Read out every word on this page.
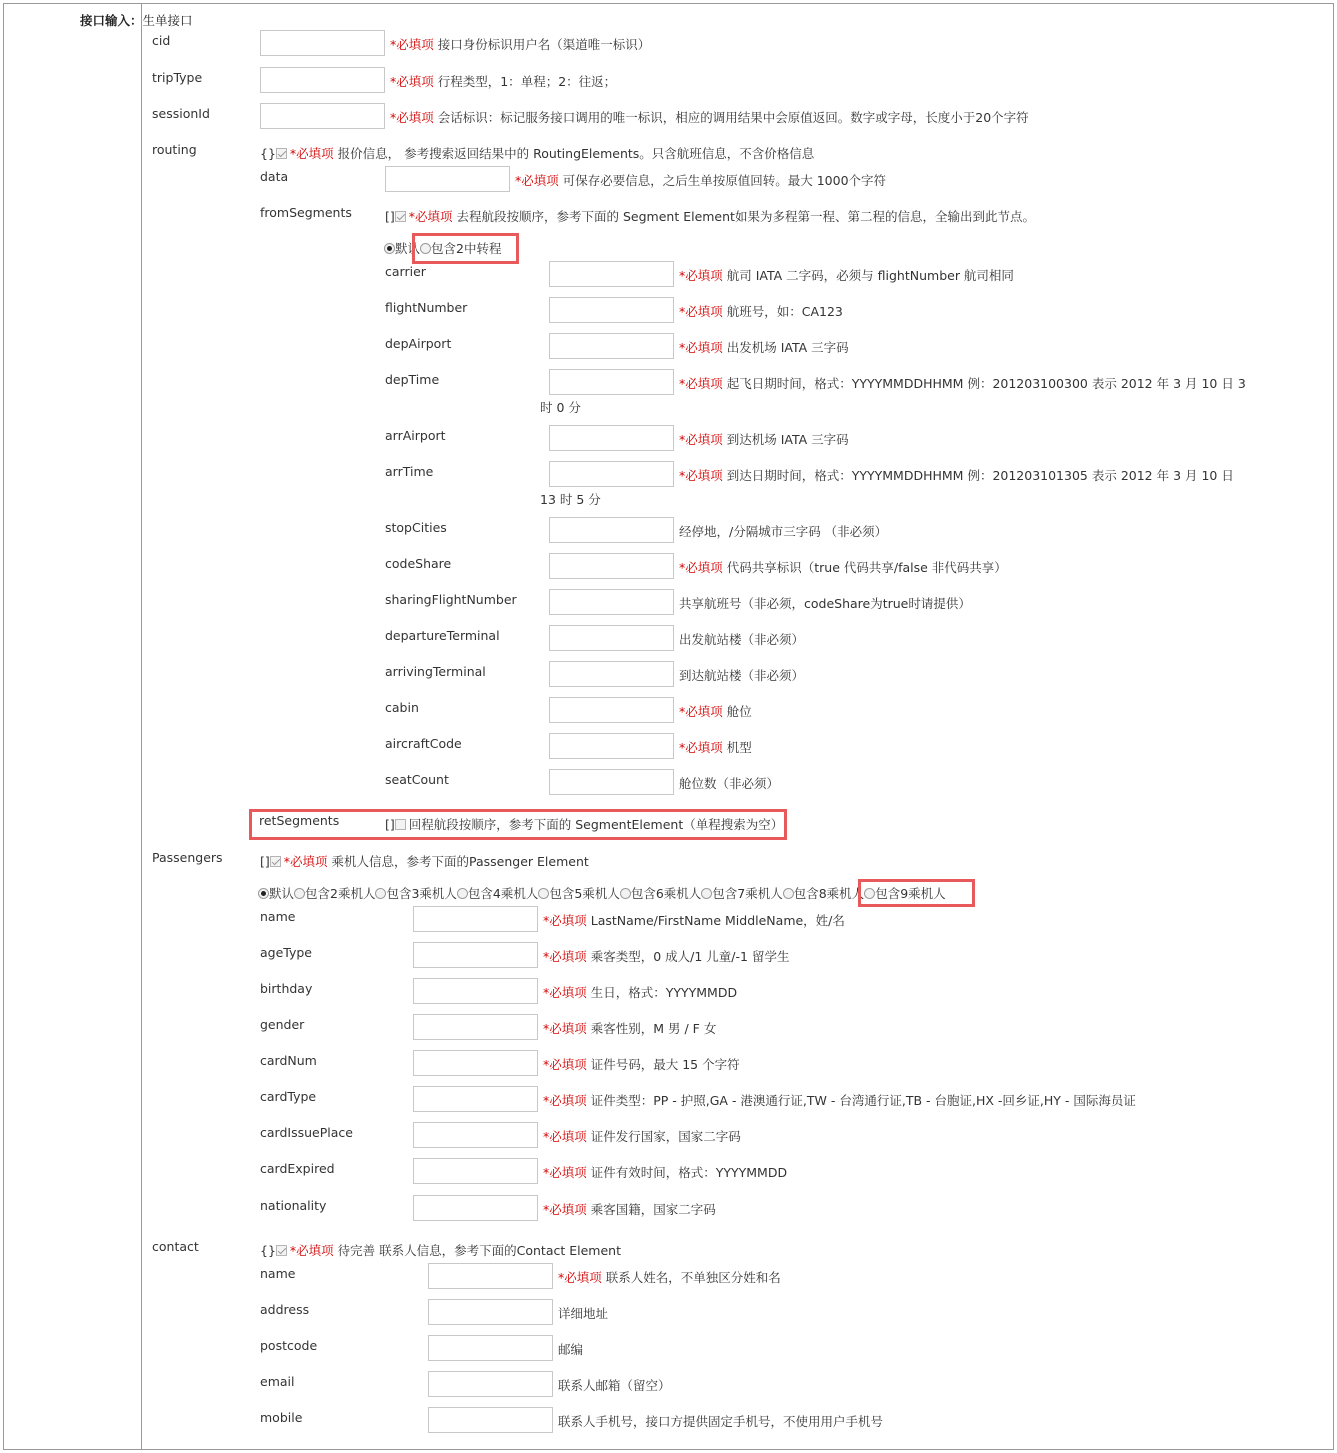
接口输入：生单接口
cid	*必填项 接口身份标识用户名（渠道唯一标识）
tripType	*必填项 行程类型，1：单程；2：往返；
sessionId	*必填项 会话标识：标记服务接口调用的唯一标识，相应的调用结果中会原值返回。数字或字母，长度小于20个字符
routing	{} *必填项 报价信息， 参考搜索返回结果中的 RoutingElements。只含航班信息，不含价格信息
data	*必填项 可保存必要信息，之后生单按原值回转。最大 1000个字符
fromSegments	[] *必填项 去程航段按顺序，参考下面的 Segment Element如果为多程第一程、第二程的信息，全输出到此节点。
默认 包含2中转程
carrier	*必填项 航司 IATA 二字码，必须与 flightNumber 航司相同
flightNumber	*必填项 航班号，如：CA123
depAirport	*必填项 出发机场 IATA 三字码
depTime	*必填项 起飞日期时间，格式：YYYYMMDDHHMM 例：201203100300 表示 2012 年 3 月 10 日 3
时 0 分
arrAirport	*必填项 到达机场 IATA 三字码
arrTime	*必填项 到达日期时间，格式：YYYYMMDDHHMM 例：201203101305 表示 2012 年 3 月 10 日
13 时 5 分
stopCities	经停地，/分隔城市三字码 （非必须）
codeShare	*必填项 代码共享标识（true 代码共享/false 非代码共享）
sharingFlightNumber	共享航班号（非必须，codeShare为true时请提供）
departureTerminal	出发航站楼（非必须）
arrivingTerminal	到达航站楼（非必须）
cabin	*必填项 舱位
aircraftCode	*必填项 机型
seatCount	舱位数（非必须）
retSegments	[] 回程航段按顺序，参考下面的 SegmentElement（单程搜索为空）
Passengers	[] *必填项 乘机人信息，参考下面的Passenger Element
默认 包含2乘机人 包含3乘机人 包含4乘机人 包含5乘机人 包含6乘机人 包含7乘机人 包含8乘机人 包含9乘机人
name	*必填项 LastName/FirstName MiddleName，姓/名
ageType	*必填项 乘客类型，0 成人/1 儿童/-1 留学生
birthday	*必填项 生日，格式：YYYYMMDD
gender	*必填项 乘客性别，M 男 / F 女
cardNum	*必填项 证件号码，最大 15 个字符
cardType	*必填项 证件类型：PP - 护照,GA - 港澳通行证,TW - 台湾通行证,TB - 台胞证,HX -回乡证,HY - 国际海员证
cardIssuePlace	*必填项 证件发行国家，国家二字码
cardExpired	*必填项 证件有效时间，格式：YYYYMMDD
nationality	*必填项 乘客国籍，国家二字码
contact	{} *必填项 待完善 联系人信息，参考下面的Contact Element
name	*必填项 联系人姓名，不单独区分姓和名
address	详细地址
postcode	邮编
email	联系人邮箱（留空）
mobile	联系人手机号，接口方提供固定手机号，不使用用户手机号
